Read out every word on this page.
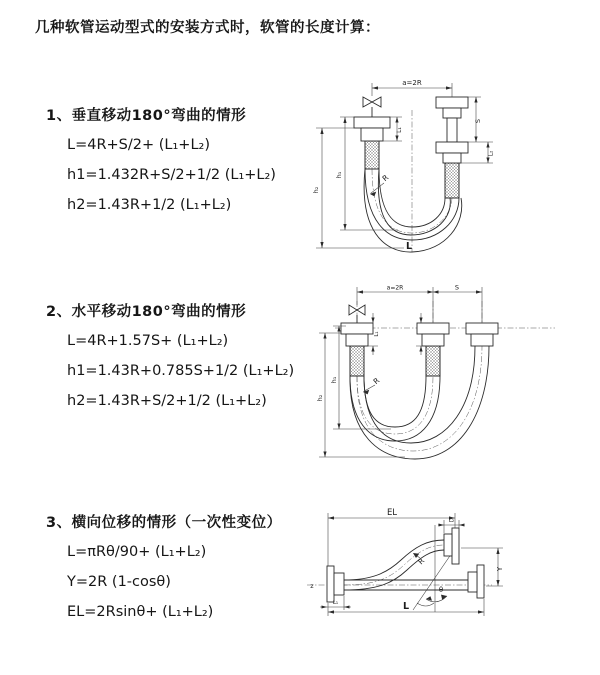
几种软管运动型式的安装方式时，软管的长度计算：
1、垂直移动180°弯曲的情形
L=4R+S/2+ (L₁+L₂)
h1=1.432R+S/2+1/2 (L₁+L₂)
h2=1.43R+1/2 (L₁+L₂)
2、水平移动180°弯曲的情形
L=4R+1.57S+ (L₁+L₂)
h1=1.43R+0.785S+1/2 (L₁+L₂)
h2=1.43R+S/2+1/2 (L₁+L₂)
3、横向位移的情形（一次性变位）
L=πRθ/90+ (L₁+L₂)
Y=2R (1-cosθ)
EL=2Rsinθ+ (L₁+L₂)
a=2R
h₁
h₂
L₁
S
L₂
R
L
a=2R	S
h₁
h₂
L₁
R
EL
L₂
Y
R
θ
L
L₁
z
